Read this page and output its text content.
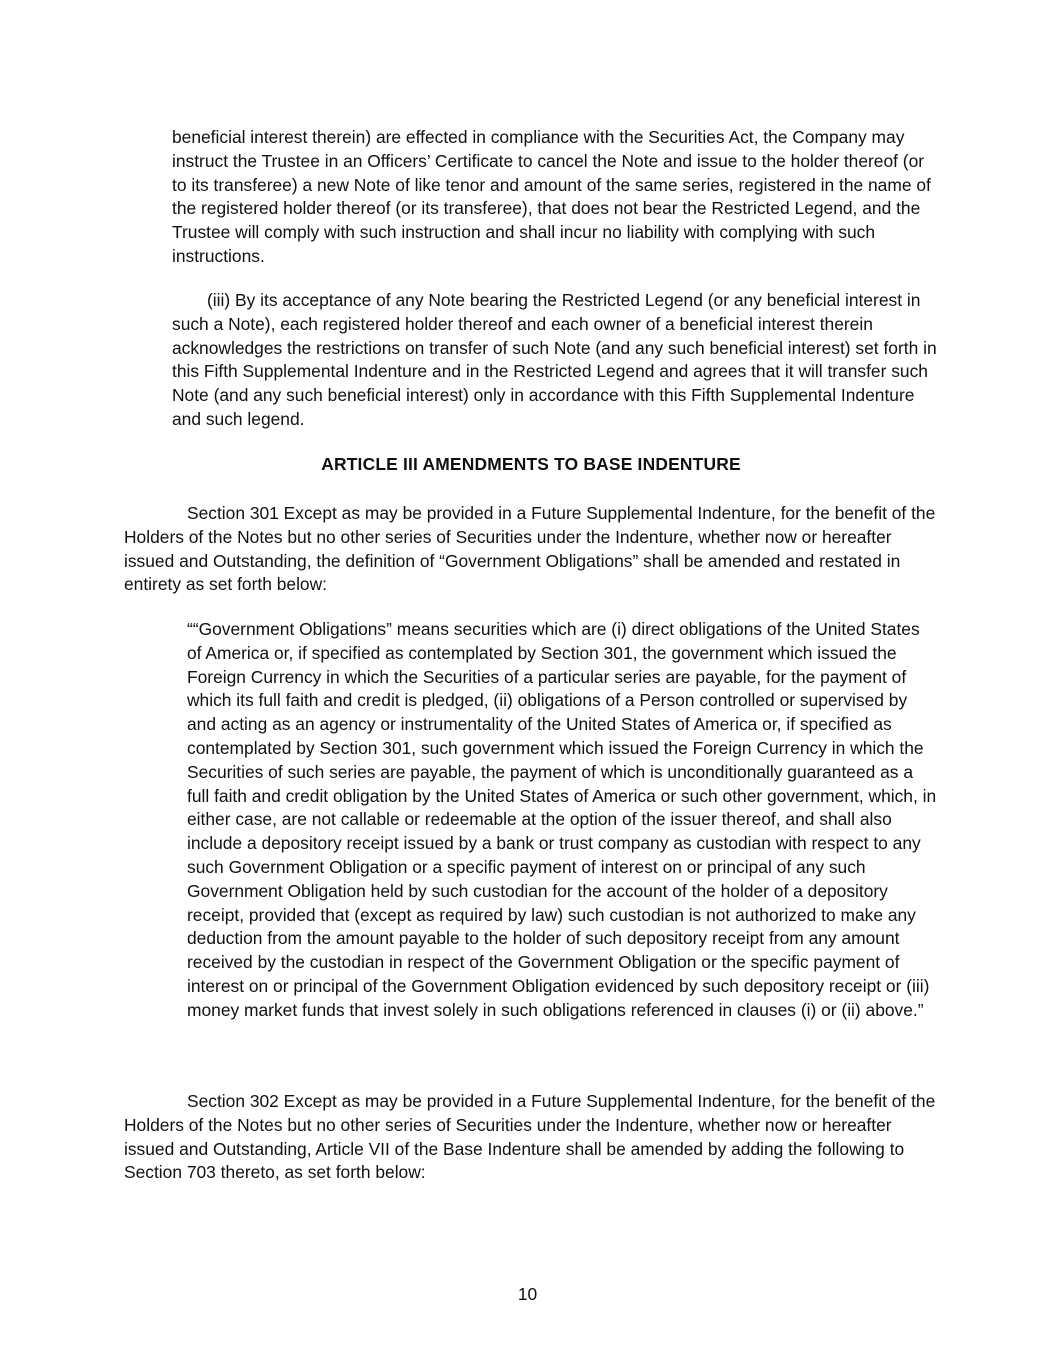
beneficial interest therein) are effected in compliance with the Securities Act, the Company may instruct the Trustee in an Officers’ Certificate to cancel the Note and issue to the holder thereof (or to its transferee) a new Note of like tenor and amount of the same series, registered in the name of the registered holder thereof (or its transferee), that does not bear the Restricted Legend, and the Trustee will comply with such instruction and shall incur no liability with complying with such instructions.

(iii) By its acceptance of any Note bearing the Restricted Legend (or any beneficial interest in such a Note), each registered holder thereof and each owner of a beneficial interest therein acknowledges the restrictions on transfer of such Note (and any such beneficial interest) set forth in this Fifth Supplemental Indenture and in the Restricted Legend and agrees that it will transfer such Note (and any such beneficial interest) only in accordance with this Fifth Supplemental Indenture and such legend.

ARTICLE III AMENDMENTS TO BASE INDENTURE

Section 301 Except as may be provided in a Future Supplemental Indenture, for the benefit of the Holders of the Notes but no other series of Securities under the Indenture, whether now or hereafter issued and Outstanding, the definition of “Government Obligations” shall be amended and restated in entirety as set forth below:

““Government Obligations” means securities which are (i) direct obligations of the United States of America or, if specified as contemplated by Section 301, the government which issued the Foreign Currency in which the Securities of a particular series are payable, for the payment of which its full faith and credit is pledged, (ii) obligations of a Person controlled or supervised by and acting as an agency or instrumentality of the United States of America or, if specified as contemplated by Section 301, such government which issued the Foreign Currency in which the Securities of such series are payable, the payment of which is unconditionally guaranteed as a full faith and credit obligation by the United States of America or such other government, which, in either case, are not callable or redeemable at the option of the issuer thereof, and shall also include a depository receipt issued by a bank or trust company as custodian with respect to any such Government Obligation or a specific payment of interest on or principal of any such Government Obligation held by such custodian for the account of the holder of a depository receipt, provided that (except as required by law) such custodian is not authorized to make any deduction from the amount payable to the holder of such depository receipt from any amount received by the custodian in respect of the Government Obligation or the specific payment of interest on or principal of the Government Obligation evidenced by such depository receipt or (iii) money market funds that invest solely in such obligations referenced in clauses (i) or (ii) above.”

Section 302 Except as may be provided in a Future Supplemental Indenture, for the benefit of the Holders of the Notes but no other series of Securities under the Indenture, whether now or hereafter issued and Outstanding, Article VII of the Base Indenture shall be amended by adding the following to Section 703 thereto, as set forth below:

10
